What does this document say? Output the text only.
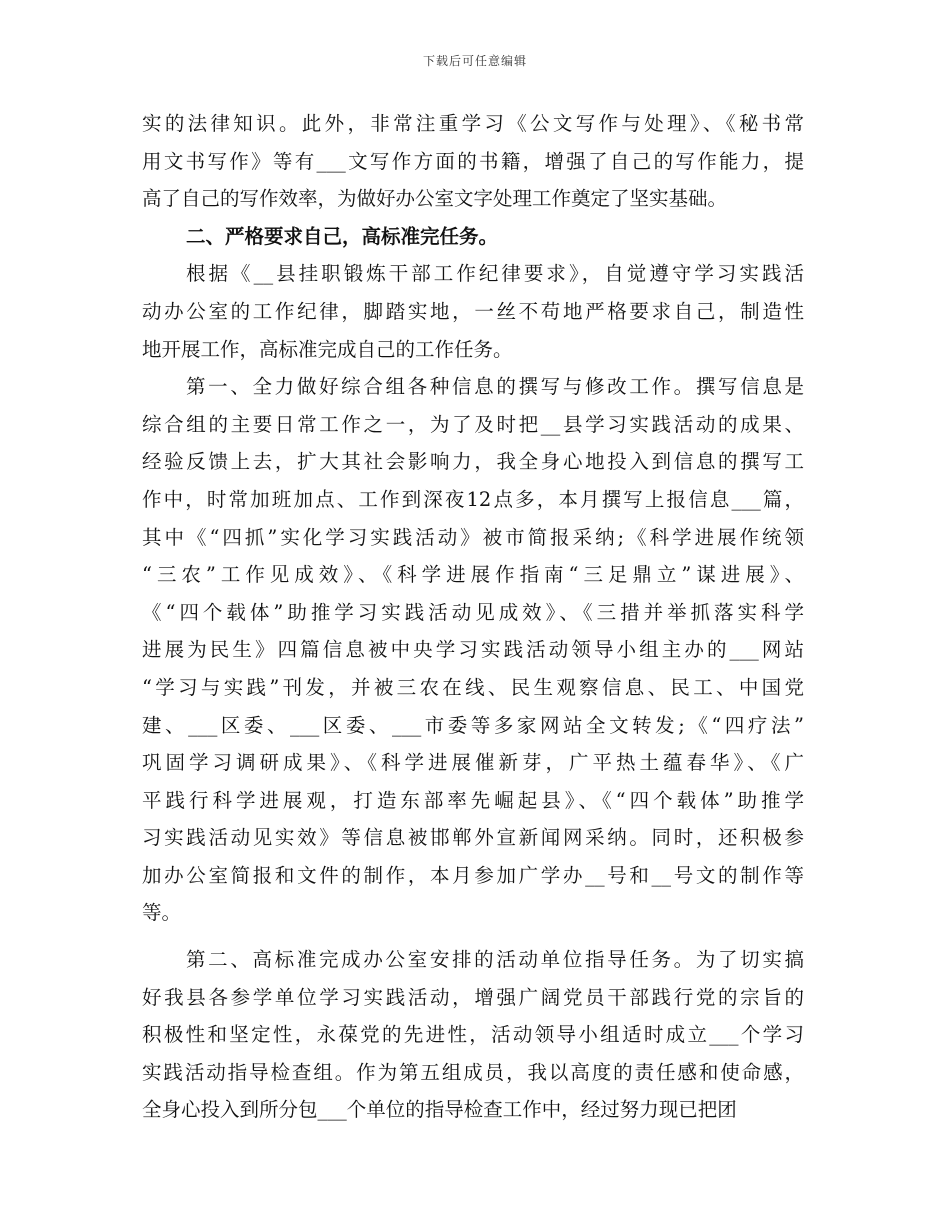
下载后可任意编辑
实的法律知识。此外，非常注重学习《公文写作与处理》、《秘书常
用文书写作》等有___文写作方面的书籍，增强了自己的写作能力，提
高了自己的写作效率，为做好办公室文字处理工作奠定了坚实基础。
二、严格要求自己，高标准完任务。
根据《__县挂职锻炼干部工作纪律要求》，自觉遵守学习实践活
动办公室的工作纪律，脚踏实地，一丝不苟地严格要求自己，制造性
地开展工作，高标准完成自己的工作任务。
第一、全力做好综合组各种信息的撰写与修改工作。撰写信息是
综合组的主要日常工作之一，为了及时把__县学习实践活动的成果、
经验反馈上去，扩大其社会影响力，我全身心地投入到信息的撰写工
作中，时常加班加点、工作到深夜12点多，本月撰写上报信息___篇，
其中《“四抓”实化学习实践活动》被市简报采纳;《科学进展作统领
“三农”工作见成效》、《科学进展作指南“三足鼎立”谋进展》、
《“四个载体”助推学习实践活动见成效》、《三措并举抓落实科学
进展为民生》四篇信息被中央学习实践活动领导小组主办的___网站
“学习与实践”刊发，并被三农在线、民生观察信息、民工、中国党
建、___区委、___区委、___市委等多家网站全文转发;《“四疗法”
巩固学习调研成果》、《科学进展催新芽，广平热土蕴春华》、《广
平践行科学进展观，打造东部率先崛起县》、《“四个载体”助推学
习实践活动见实效》等信息被邯郸外宣新闻网采纳。同时，还积极参
加办公室简报和文件的制作，本月参加广学办__号和__号文的制作等
等。
第二、高标准完成办公室安排的活动单位指导任务。为了切实搞
好我县各参学单位学习实践活动，增强广阔党员干部践行党的宗旨的
积极性和坚定性，永葆党的先进性，活动领导小组适时成立___个学习
实践活动指导检查组。作为第五组成员，我以高度的责任感和使命感，
全身心投入到所分包___个单位的指导检查工作中，经过努力现已把团
